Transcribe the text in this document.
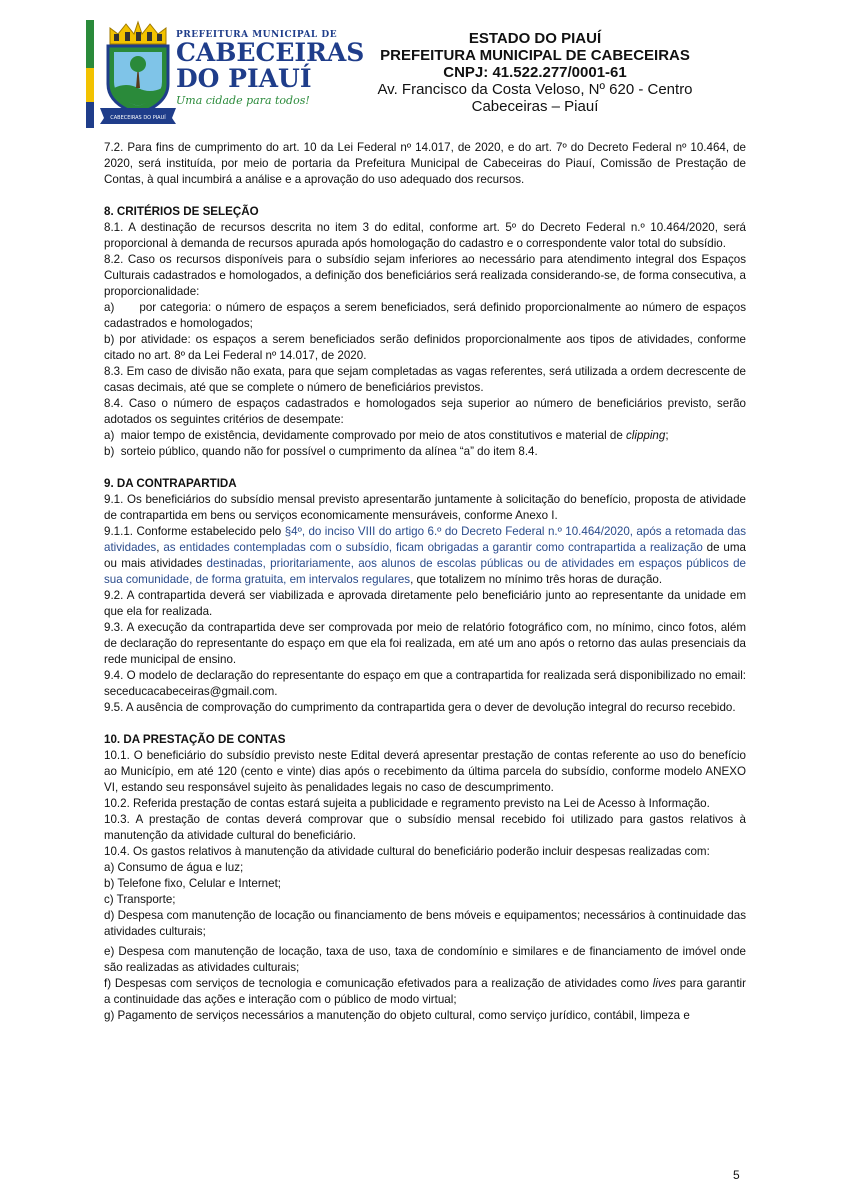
CABECEIRAS DO PIAUÍ
PREFEITURA MUNICIPAL DE
CABECEIRAS
DO PIAUÍ
Uma cidade para todos!
ESTADO DO PIAUÍ
PREFEITURA MUNICIPAL DE CABECEIRAS
CNPJ: 41.522.277/0001-61
Av. Francisco da Costa Veloso, Nº 620 - Centro
Cabeceiras – Piauí

7.2. Para fins de cumprimento do art. 10 da Lei Federal nº 14.017, de 2020, e do art. 7º do Decreto Federal nº 10.464, de 2020, será instituída, por meio de portaria da Prefeitura Municipal de Cabeceiras do Piauí, Comissão de Prestação de Contas, à qual incumbirá a análise e a aprovação do uso adequado dos recursos.

8. CRITÉRIOS DE SELEÇÃO

8.1. A destinação de recursos descrita no item 3 do edital, conforme art. 5º do Decreto Federal n.º 10.464/2020, será proporcional à demanda de recursos apurada após homologação do cadastro e o correspondente valor total do subsídio.

8.2. Caso os recursos disponíveis para o subsídio sejam inferiores ao necessário para atendimento integral dos Espaços Culturais cadastrados e homologados, a definição dos beneficiários será realizada considerando-se, de forma consecutiva, a proporcionalidade:

a)      por categoria: o número de espaços a serem beneficiados, será definido proporcionalmente ao número de espaços cadastrados e homologados;

b) por atividade: os espaços a serem beneficiados serão definidos proporcionalmente aos tipos de atividades, conforme citado no art. 8º da Lei Federal nº 14.017, de 2020.

8.3. Em caso de divisão não exata, para que sejam completadas as vagas referentes, será utilizada a ordem decrescente de casas decimais, até que se complete o número de beneficiários previstos.

8.4. Caso o número de espaços cadastrados e homologados seja superior ao número de beneficiários previsto, serão adotados os seguintes critérios de desempate:

a)  maior tempo de existência, devidamente comprovado por meio de atos constitutivos e material de clipping;

b)  sorteio público, quando não for possível o cumprimento da alínea “a” do item 8.4.

9. DA CONTRAPARTIDA

9.1. Os beneficiários do subsídio mensal previsto apresentarão juntamente à solicitação do benefício, proposta de atividade de contrapartida em bens ou serviços economicamente mensuráveis, conforme Anexo I.

9.1.1. Conforme estabelecido pelo §4º, do inciso VIII do artigo 6.º do Decreto Federal n.º 10.464/2020, após a retomada das atividades, as entidades contempladas com o subsídio, ficam obrigadas a garantir como contrapartida a realização de uma ou mais atividades destinadas, prioritariamente, aos alunos de escolas públicas ou de atividades em espaços públicos de sua comunidade, de forma gratuita, em intervalos regulares, que totalizem no mínimo três horas de duração.

9.2. A contrapartida deverá ser viabilizada e aprovada diretamente pelo beneficiário junto ao representante da unidade em que ela for realizada.

9.3. A execução da contrapartida deve ser comprovada por meio de relatório fotográfico com, no mínimo, cinco fotos, além de declaração do representante do espaço em que ela foi realizada, em até um ano após o retorno das aulas presenciais da rede municipal de ensino.

9.4. O modelo de declaração do representante do espaço em que a contrapartida for realizada será disponibilizado no email: seceducacabeceiras@gmail.com.

9.5. A ausência de comprovação do cumprimento da contrapartida gera o dever de devolução integral do recurso recebido.

10. DA PRESTAÇÃO DE CONTAS

10.1. O beneficiário do subsídio previsto neste Edital deverá apresentar prestação de contas referente ao uso do benefício ao Município, em até 120 (cento e vinte) dias após o recebimento da última parcela do subsídio, conforme modelo ANEXO VI, estando seu responsável sujeito às penalidades legais no caso de descumprimento.

10.2. Referida prestação de contas estará sujeita a publicidade e regramento previsto na Lei de Acesso à Informação.

10.3. A prestação de contas deverá comprovar que o subsídio mensal recebido foi utilizado para gastos relativos à manutenção da atividade cultural do beneficiário.

10.4. Os gastos relativos à manutenção da atividade cultural do beneficiário poderão incluir despesas realizadas com:

a) Consumo de água e luz;

b) Telefone fixo, Celular e Internet;

c) Transporte;

d) Despesa com manutenção de locação ou financiamento de bens móveis e equipamentos; necessários à continuidade das atividades culturais;

e) Despesa com manutenção de locação, taxa de uso, taxa de condomínio e similares e de financiamento de imóvel onde são realizadas as atividades culturais;

f) Despesas com serviços de tecnologia e comunicação efetivados para a realização de atividades como lives para garantir a continuidade das ações e interação com o público de modo virtual;

g) Pagamento de serviços necessários a manutenção do objeto cultural, como serviço jurídico, contábil, limpeza e

5
